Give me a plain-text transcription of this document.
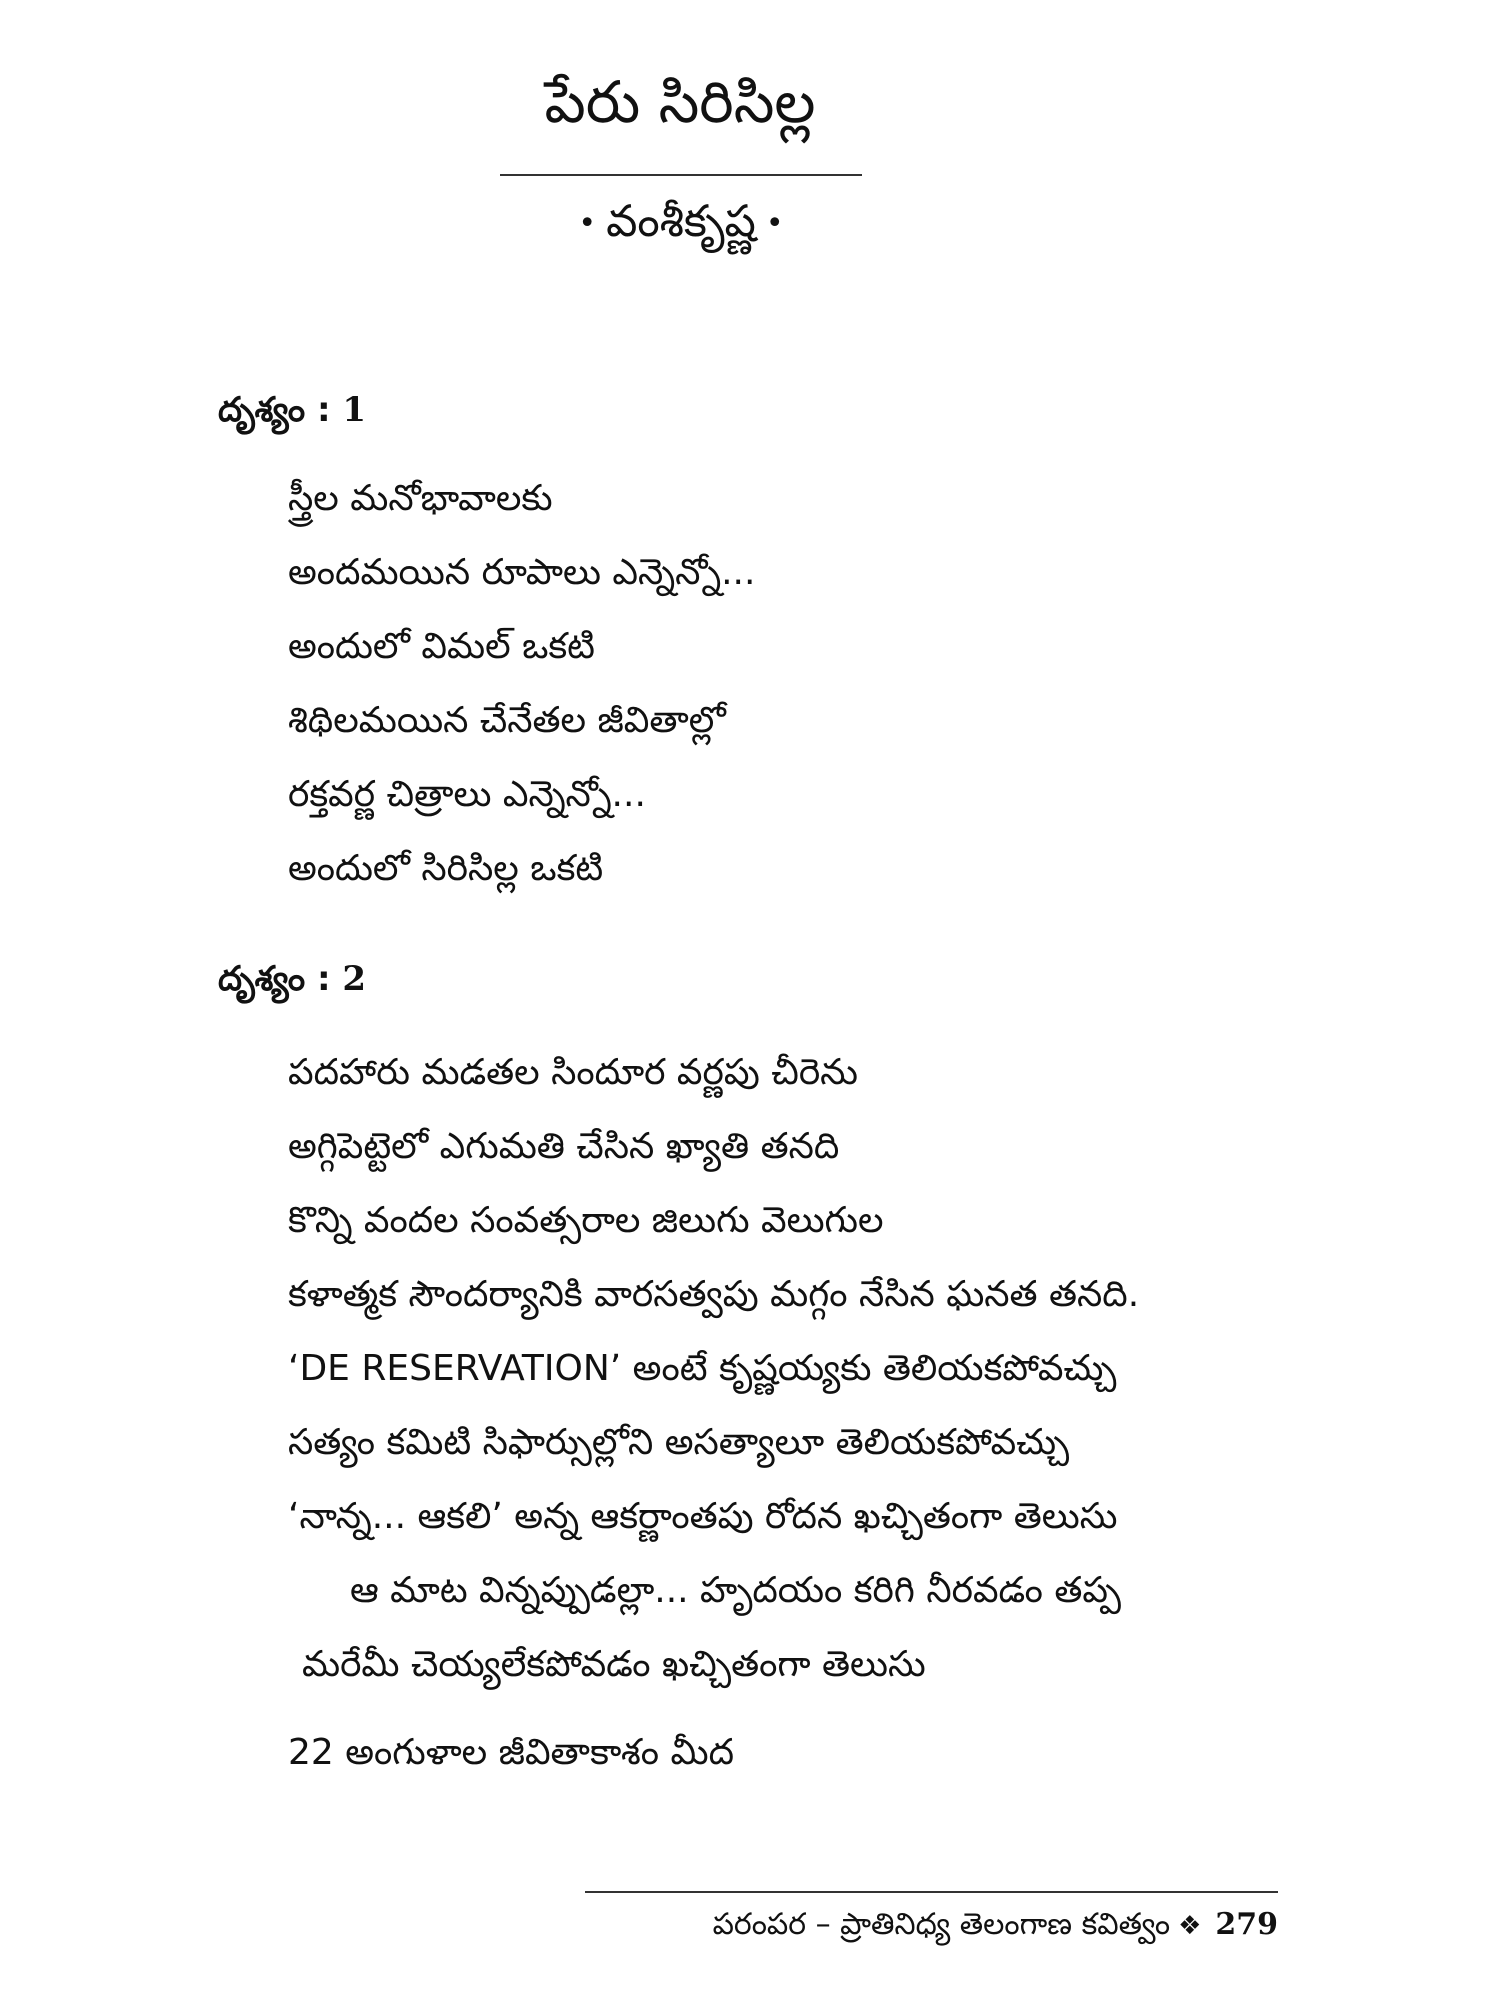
పేరు సిరిసిల్ల
• వంశీకృష్ణ •
దృశ్యం : 1
స్త్రీల మనోభావాలకు
అందమయిన రూపాలు ఎన్నెన్నో...
అందులో విమల్ ఒకటి
శిథిలమయిన చేనేతల జీవితాల్లో
రక్తవర్ణ చిత్రాలు ఎన్నెన్నో...
అందులో సిరిసిల్ల ఒకటి
దృశ్యం : 2
పదహారు మడతల సిందూర వర్ణపు చీరెను
అగ్గిపెట్టెలో ఎగుమతి చేసిన ఖ్యాతి తనది
కొన్ని వందల సంవత్సరాల జిలుగు వెలుగుల
కళాత్మక సౌందర్యానికి వారసత్వపు మగ్గం నేసిన ఘనత తనది.
‘DE RESERVATION’ అంటే కృష్ణయ్యకు తెలియకపోవచ్చు
సత్యం కమిటి సిఫార్సుల్లోని అసత్యాలూ తెలియకపోవచ్చు
‘నాన్న... ఆకలి’ అన్న ఆకర్ణాంతపు రోదన ఖచ్చితంగా తెలుసు
ఆ మాట విన్నప్పుడల్లా... హృదయం కరిగి నీరవడం తప్ప
మరేమీ చెయ్యలేకపోవడం ఖచ్చితంగా తెలుసు
22 అంగుళాల జీవితాకాశం మీద
పరంపర – ప్రాతినిధ్య తెలంగాణ కవిత్వం ❖ 279
